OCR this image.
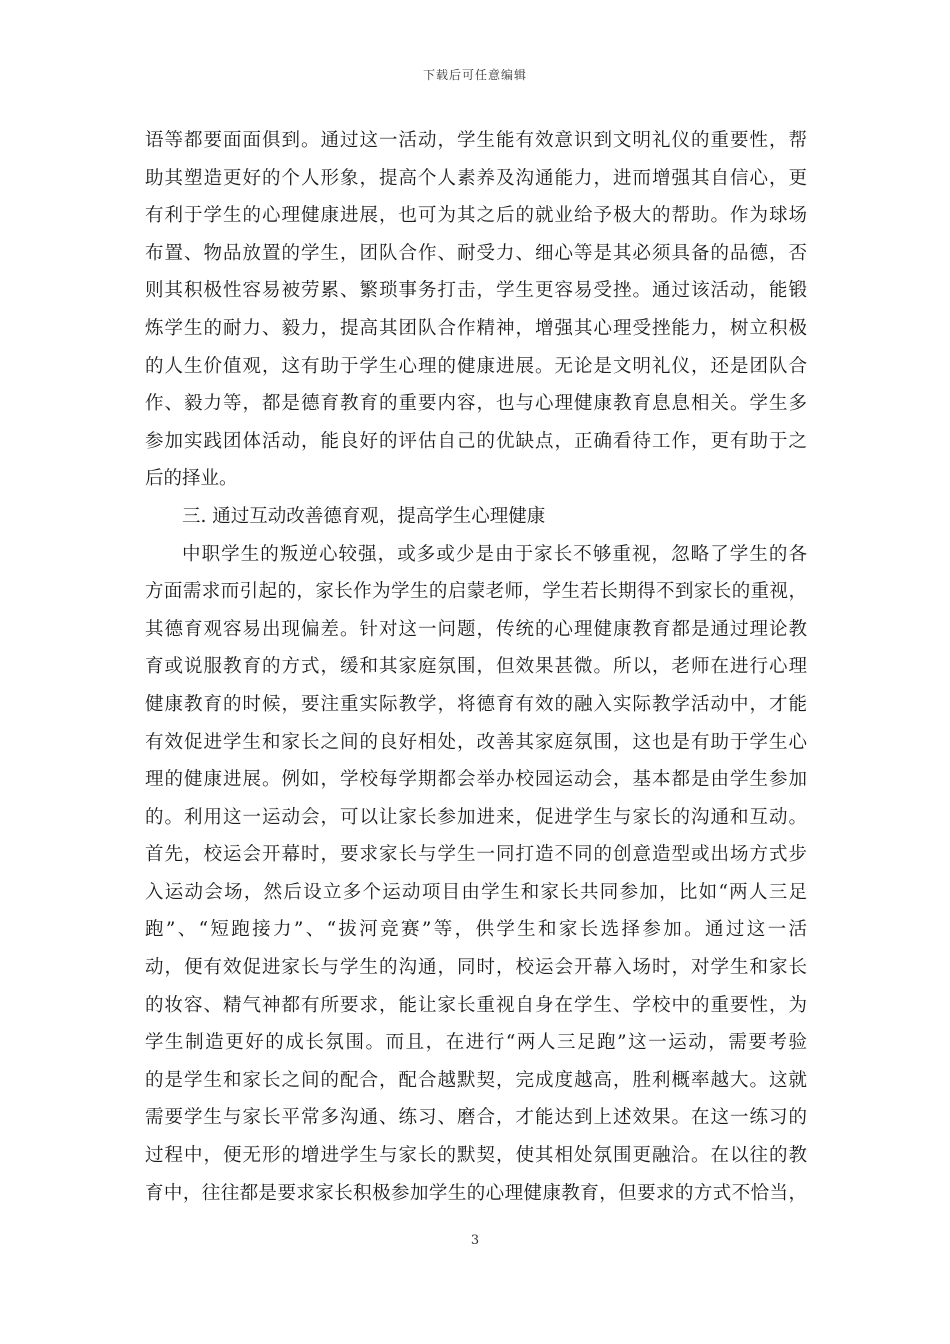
下载后可任意编辑
语等都要面面俱到。通过这一活动，学生能有效意识到文明礼仪的重要性，帮
助其塑造更好的个人形象，提高个人素养及沟通能力，进而增强其自信心，更
有利于学生的心理健康进展，也可为其之后的就业给予极大的帮助。作为球场
布置、物品放置的学生，团队合作、耐受力、细心等是其必须具备的品德，否
则其积极性容易被劳累、繁琐事务打击，学生更容易受挫。通过该活动，能锻
炼学生的耐力、毅力，提高其团队合作精神，增强其心理受挫能力，树立积极
的人生价值观，这有助于学生心理的健康进展。无论是文明礼仪，还是团队合
作、毅力等，都是德育教育的重要内容，也与心理健康教育息息相关。学生多
参加实践团体活动，能良好的评估自己的优缺点，正确看待工作，更有助于之
后的择业。
三. 通过互动改善德育观，提高学生心理健康
中职学生的叛逆心较强，或多或少是由于家长不够重视，忽略了学生的各
方面需求而引起的，家长作为学生的启蒙老师，学生若长期得不到家长的重视，
其德育观容易出现偏差。针对这一问题，传统的心理健康教育都是通过理论教
育或说服教育的方式，缓和其家庭氛围，但效果甚微。所以，老师在进行心理
健康教育的时候，要注重实际教学，将德育有效的融入实际教学活动中，才能
有效促进学生和家长之间的良好相处，改善其家庭氛围，这也是有助于学生心
理的健康进展。例如，学校每学期都会举办校园运动会，基本都是由学生参加
的。利用这一运动会，可以让家长参加进来，促进学生与家长的沟通和互动。
首先，校运会开幕时，要求家长与学生一同打造不同的创意造型或出场方式步
入运动会场，然后设立多个运动项目由学生和家长共同参加，比如“两人三足
跑”、“短跑接力”、“拔河竞赛”等，供学生和家长选择参加。通过这一活
动，便有效促进家长与学生的沟通，同时，校运会开幕入场时，对学生和家长
的妆容、精气神都有所要求，能让家长重视自身在学生、学校中的重要性，为
学生制造更好的成长氛围。而且，在进行“两人三足跑”这一运动，需要考验
的是学生和家长之间的配合，配合越默契，完成度越高，胜利概率越大。这就
需要学生与家长平常多沟通、练习、磨合，才能达到上述效果。在这一练习的
过程中，便无形的增进学生与家长的默契，使其相处氛围更融洽。在以往的教
育中，往往都是要求家长积极参加学生的心理健康教育，但要求的方式不恰当，
3
